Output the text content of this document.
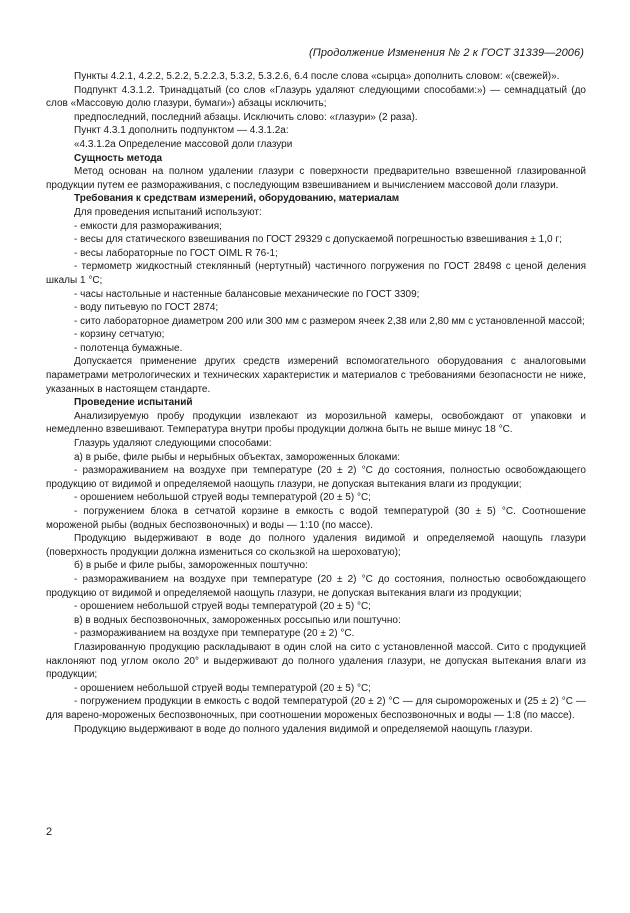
(Продолжение Изменения № 2 к ГОСТ 31339—2006)

Пункты 4.2.1, 4.2.2, 5.2.2, 5.2.2.3, 5.3.2, 5.3.2.6, 6.4 после слова «сырца» дополнить словом: «(свежей)».

Подпункт 4.3.1.2. Тринадцатый (со слов «Глазурь удаляют следующими способами:») — семнадцатый (до слов «Массовую долю глазури, бумаги») абзацы исключить;

предпоследний, последний абзацы. Исключить слово: «глазури» (2 раза).

Пункт 4.3.1 дополнить подпунктом — 4.3.1.2а:

«4.3.1.2а Определение массовой доли глазури

Сущность метода

Метод основан на полном удалении глазури с поверхности предварительно взвешенной глазированной продукции путем ее размораживания, с последующим взвешиванием и вычислением массовой доли глазури.

Требования к средствам измерений, оборудованию, материалам

Для проведения испытаний используют:

- емкости для размораживания;

- весы для статического взвешивания по ГОСТ 29329 с допускаемой погрешностью взвешивания ± 1,0 г;

- весы лабораторные по ГОСТ OIML R 76-1;

- термометр жидкостный стеклянный (нертутный) частичного погружения по ГОСТ 28498 с ценой деления шкалы 1 °С;

- часы настольные и настенные балансовые механические по ГОСТ 3309;

- воду питьевую по ГОСТ 2874;

- сито лабораторное диаметром 200 или 300 мм с размером ячеек 2,38 или 2,80 мм с установленной массой;

- корзину сетчатую;

- полотенца бумажные.

Допускается применение других средств измерений вспомогательного оборудования с аналоговыми параметрами метрологических и технических характеристик и материалов с требованиями безопасности не ниже, указанных в настоящем стандарте.

Проведение испытаний

Анализируемую пробу продукции извлекают из морозильной камеры, освобождают от упаковки и немедленно взвешивают. Температура внутри пробы продукции должна быть не выше минус 18 °С.

Глазурь удаляют следующими способами:

а) в рыбе, филе рыбы и нерыбных объектах, замороженных блоками:

- размораживанием на воздухе при температуре (20 ± 2) °С до состояния, полностью освобождающего продукцию от видимой и определяемой наощупь глазури, не допуская вытекания влаги из продукции;

- орошением небольшой струей воды температурой (20 ± 5) °С;

- погружением блока в сетчатой корзине в емкость с водой температурой (30 ± 5) °С. Соотношение мороженой рыбы (водных беспозвоночных) и воды — 1:10 (по массе).

Продукцию выдерживают в воде до полного удаления видимой и определяемой наощупь глазури (поверхность продукции должна измениться со скользкой на шероховатую);

б) в рыбе и филе рыбы, замороженных поштучно:

- размораживанием на воздухе при температуре (20 ± 2) °С до состояния, полностью освобождающего продукцию от видимой и определяемой наощупь глазури, не допуская вытекания влаги из продукции;

- орошением небольшой струей воды температурой (20 ± 5) °С;

в) в водных беспозвоночных, замороженных россыпью или поштучно:

- размораживанием на воздухе при температуре (20 ± 2) °С.

Глазированную продукцию раскладывают в один слой на сито с установленной массой. Сито с продукцией наклоняют под углом около 20° и выдерживают до полного удаления глазури, не допуская вытекания влаги из продукции;

- орошением небольшой струей воды температурой (20 ± 5) °С;

- погружением продукции в емкость с водой температурой (20 ± 2) °С — для сыромороженых и (25 ± 2) °С — для варено-мороженых беспозвоночных, при соотношении мороженых беспозвоночных и воды — 1:8 (по массе).

Продукцию выдерживают в воде до полного удаления видимой и определяемой наощупь глазури.

2
